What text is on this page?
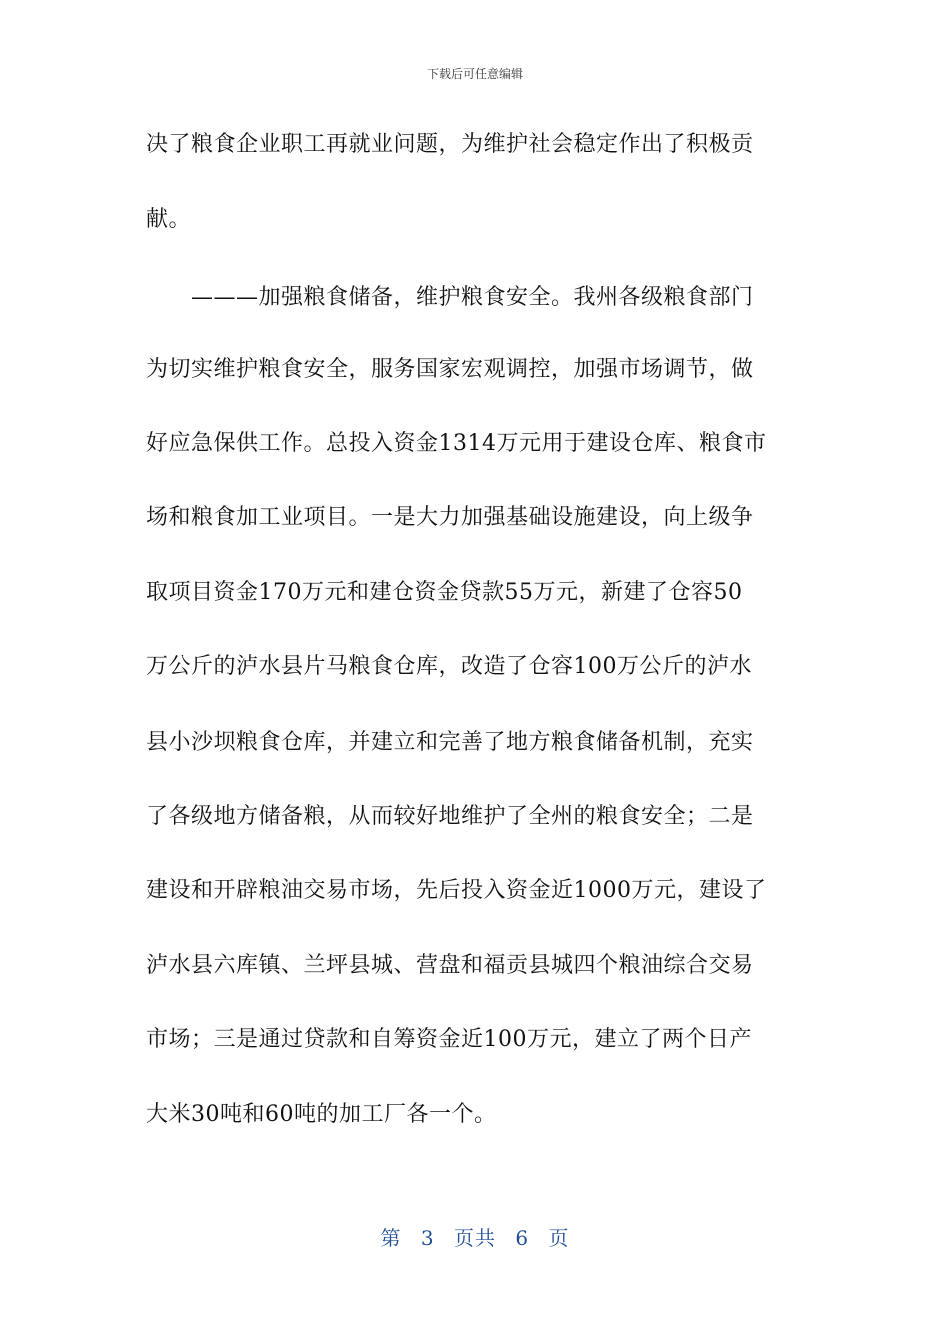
下载后可任意编辑
决了粮食企业职工再就业问题，为维护社会稳定作出了积极贡
献。
　　———加强粮食储备，维护粮食安全。我州各级粮食部门
为切实维护粮食安全，服务国家宏观调控，加强市场调节，做
好应急保供工作。总投入资金1314万元用于建设仓库、粮食市
场和粮食加工业项目。一是大力加强基础设施建设，向上级争
取项目资金170万元和建仓资金贷款55万元，新建了仓容50
万公斤的泸水县片马粮食仓库，改造了仓容100万公斤的泸水
县小沙坝粮食仓库，并建立和完善了地方粮食储备机制，充实
了各级地方储备粮，从而较好地维护了全州的粮食安全；二是
建设和开辟粮油交易市场，先后投入资金近1000万元，建设了
泸水县六库镇、兰坪县城、营盘和福贡县城四个粮油综合交易
市场；三是通过贷款和自筹资金近100万元，建立了两个日产
大米30吨和60吨的加工厂各一个。
第 3 页共 6 页
